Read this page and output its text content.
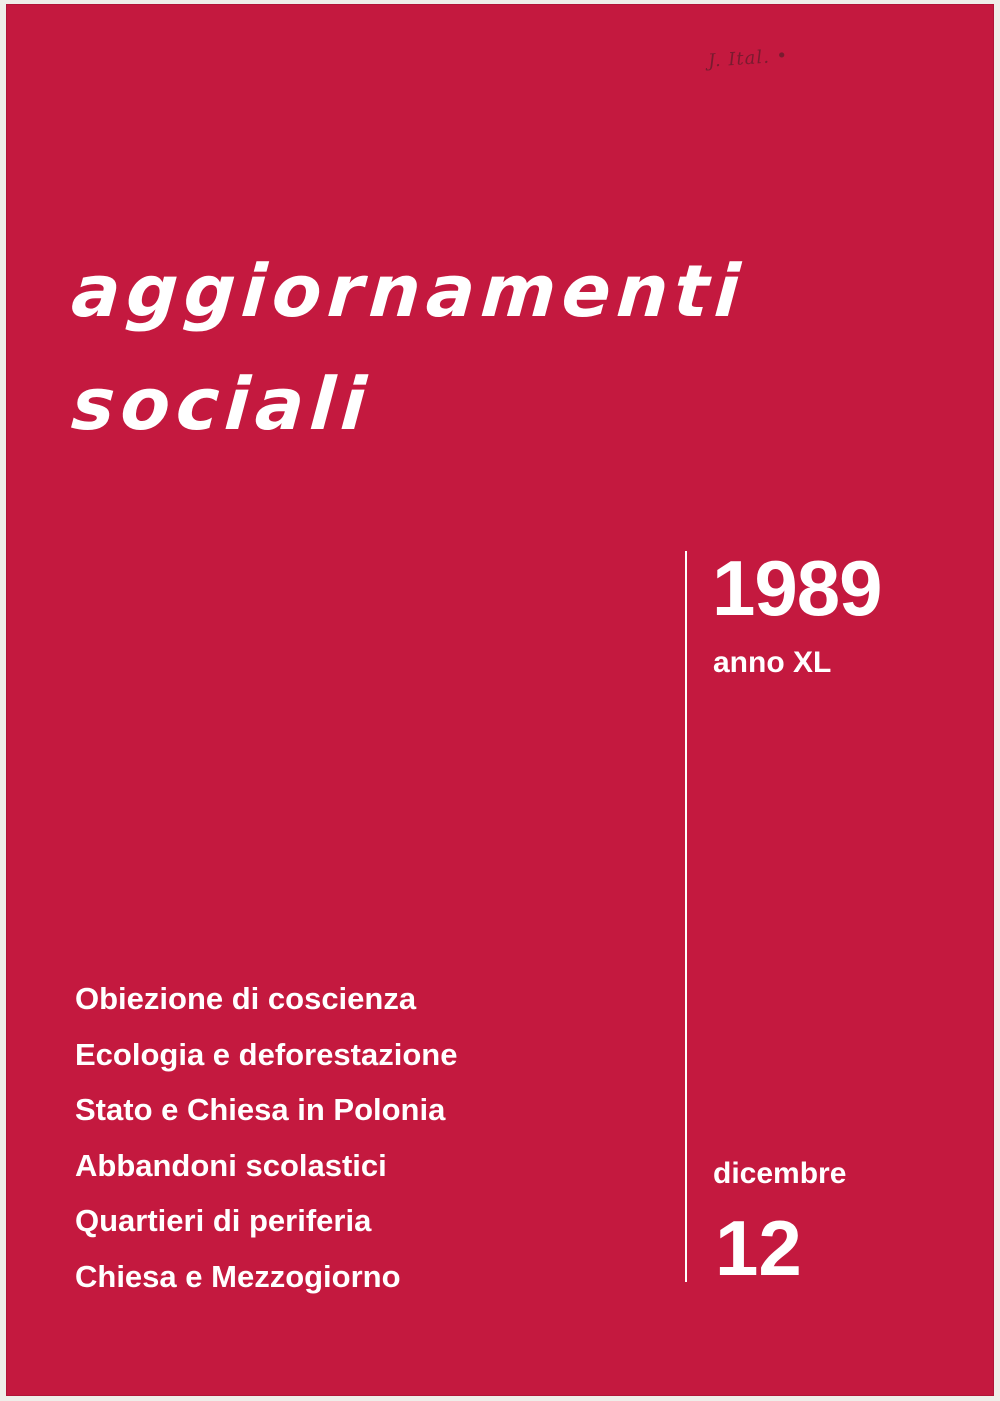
J. Ital. •
aggiornamenti
sociali
1989
anno XL
Obiezione di coscienza
Ecologia e deforestazione
Stato e Chiesa in Polonia
Abbandoni scolastici
Quartieri di periferia
Chiesa e Mezzogiorno
dicembre
12
